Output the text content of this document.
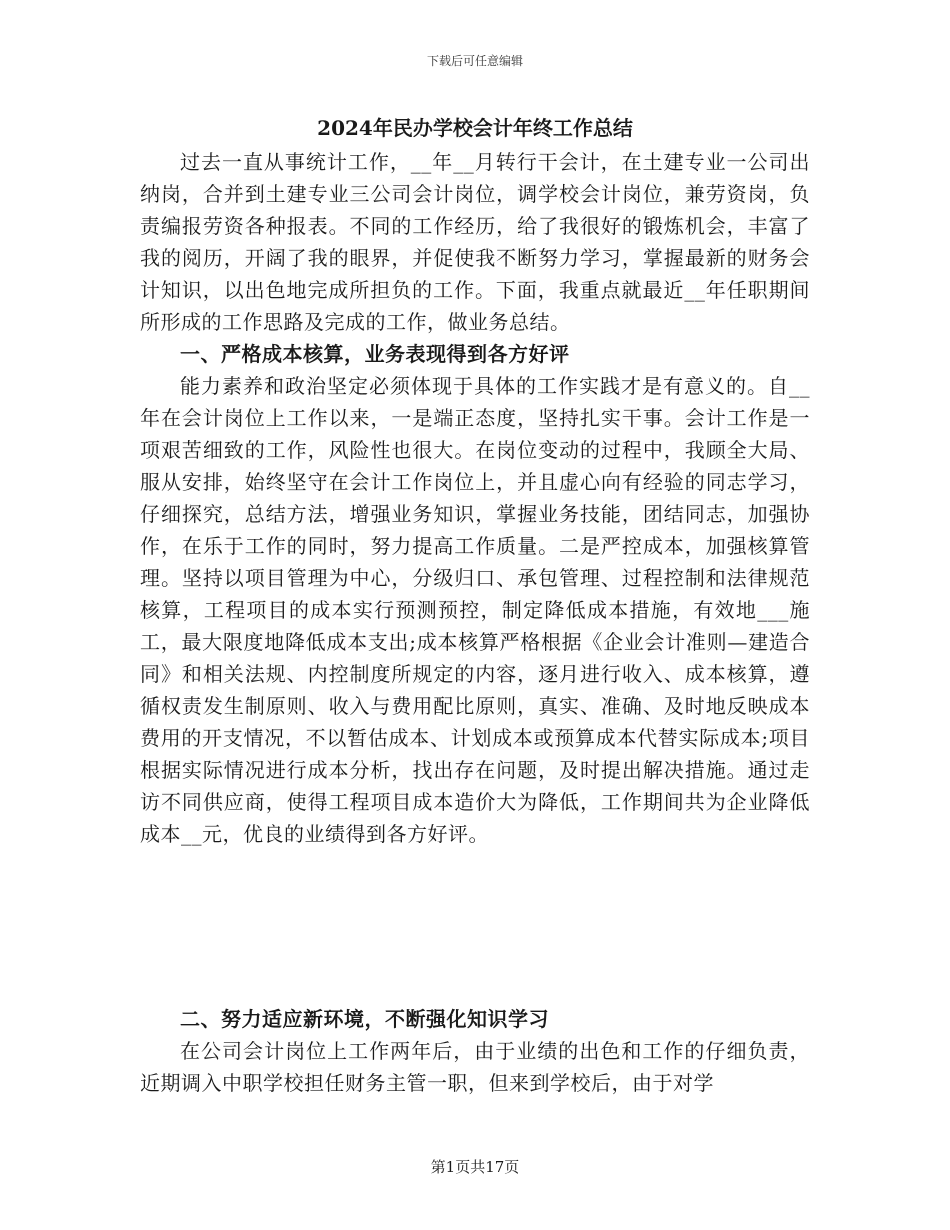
下载后可任意编辑
2024年民办学校会计年终工作总结

过去一直从事统计工作，__年__月转行干会计，在土建专业一公司出纳岗，合并到土建专业三公司会计岗位，调学校会计岗位，兼劳资岗，负责编报劳资各种报表。不同的工作经历，给了我很好的锻炼机会，丰富了我的阅历，开阔了我的眼界，并促使我不断努力学习，掌握最新的财务会计知识，以出色地完成所担负的工作。下面，我重点就最近__年任职期间所形成的工作思路及完成的工作，做业务总结。

一、严格成本核算，业务表现得到各方好评

能力素养和政治坚定必须体现于具体的工作实践才是有意义的。自__年在会计岗位上工作以来，一是端正态度，坚持扎实干事。会计工作是一项艰苦细致的工作，风险性也很大。在岗位变动的过程中，我顾全大局、服从安排，始终坚守在会计工作岗位上，并且虚心向有经验的同志学习，仔细探究，总结方法，增强业务知识，掌握业务技能，团结同志，加强协作，在乐于工作的同时，努力提高工作质量。二是严控成本，加强核算管理。坚持以项目管理为中心，分级归口、承包管理、过程控制和法律规范核算，工程项目的成本实行预测预控，制定降低成本措施，有效地___施工，最大限度地降低成本支出;成本核算严格根据《企业会计准则—建造合同》和相关法规、内控制度所规定的内容，逐月进行收入、成本核算，遵循权责发生制原则、收入与费用配比原则，真实、准确、及时地反映成本费用的开支情况，不以暂估成本、计划成本或预算成本代替实际成本;项目根据实际情况进行成本分析，找出存在问题，及时提出解决措施。通过走访不同供应商，使得工程项目成本造价大为降低，工作期间共为企业降低成本__元，优良的业绩得到各方好评。

二、努力适应新环境，不断强化知识学习

在公司会计岗位上工作两年后，由于业绩的出色和工作的仔细负责，近期调入中职学校担任财务主管一职，但来到学校后，由于对学

第1页共17页
